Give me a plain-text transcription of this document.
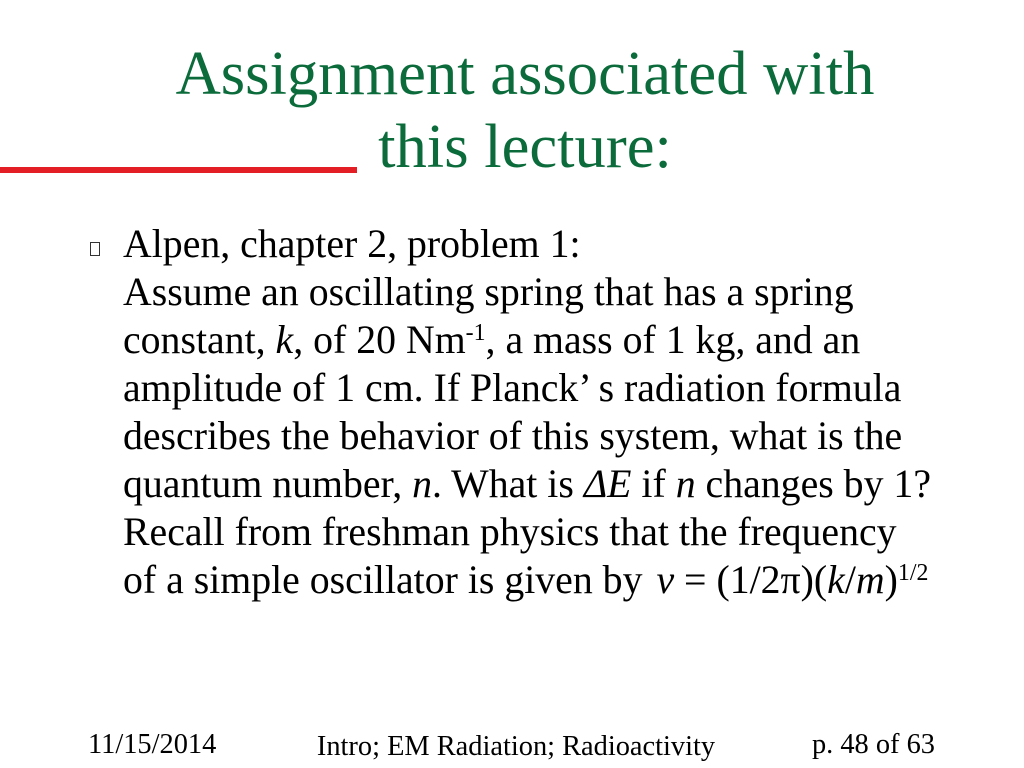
Assignment associated with
this lecture:
Alpen, chapter 2, problem 1:
Assume an oscillating spring that has a spring
constant, k, of 20 $Nm^{-1}$, a mass of 1 kg, and an
amplitude of 1 cm. If Planck’ s radiation formula
describes the behavior of this system, what is the
quantum number, n. What is ΔE if n changes by 1?
Recall from freshman physics that the frequency
of a simple oscillator is given by $\nu = (1/2\pi)(k/m)^{1/2}$
11/15/2014	Intro; EM Radiation; Radioactivity	p. 48 of 63
